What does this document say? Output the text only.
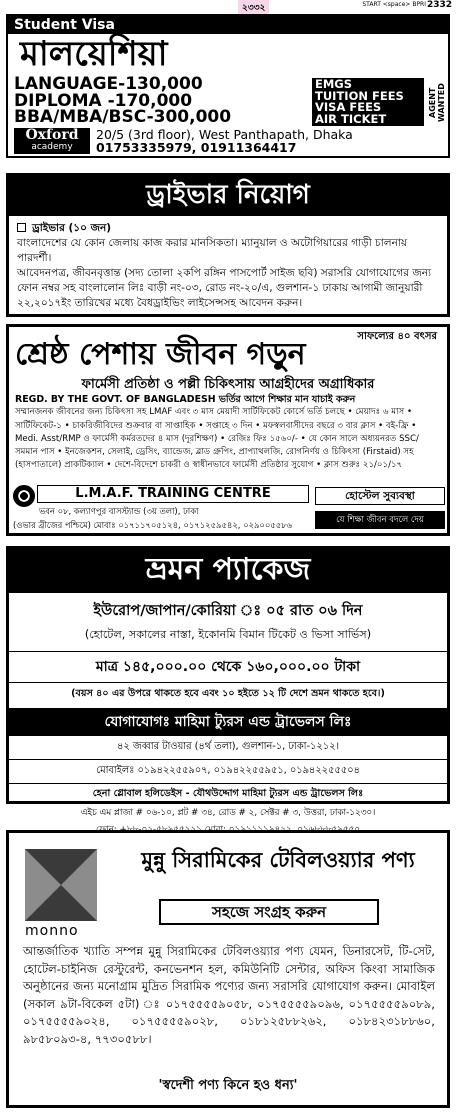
২৩৩২	START <space> BPRI 2332
Student Visa
মালয়েশিয়া
LANGUAGE-130,000
DIPLOMA -170,000
BBA/MBA/BSC-300,000
EMGS
TUITION FEES
VISA FEES
AIR TICKET
AGENT WANTED
Oxford
academy
20/5 (3rd floor), West Panthapath, Dhaka
01753335979, 01911364417
ড্রাইভার নিয়োগ
ড্রাইভার (১০ জন)
বাংলাদেশের যে কোন জেলায় কাজ করার মানসিকতা। ম্যানুয়াল ও অটোগিয়ারের গাড়ী চালনায় পারদর্শী।
আবেদনপত্র, জীবনবৃত্তান্ত (সদ্য তোলা ২কপি রঙ্গিন পাসপোর্ট সাইজ ছবি) সরাসরি যোগাযোগের জন্য ফোন নম্বর সহ বাংলালোন লিঃ বাড়ী নং-০৩, রোড নং-২০/এ, গুলশান-১ ঢাকায় আগামী জানুয়ারী ২২,২০১৭ইং তারিখের মধ্যে বৈধড্রাইভিং লাইসেন্সসহ আবেদন করুন।
সাফল্যের ৪০ বৎসর
শ্রেষ্ঠ পেশায় জীবন গড়ুন
ফার্মেসী প্রতিষ্ঠা ও পল্লী চিকিৎসায় আগ্রহীদের অগ্রাধিকার
REGD. BY THE GOVT. OF BANGLADESH ভর্তির আগে শিক্ষার মান যাচাই করুন
সম্মানজনক জীবনের জন্য চিকিৎসা সহ LMAF এবং ৩ মাস মেয়াদী সার্টিফিকেট কোর্সে ভর্তি চলছে • মেয়াদঃ ৬ মাস • সার্টিফিকেট-১ • চাকরিজীবিদের শুক্রবার বা সাপ্তাহিক • সপ্তাহে ৩ দিন • মফস্বলবাসীদের বছরে ৩ বার ক্লাস • বই-ফ্রি • Medi. Asst/RMP ও ফার্মেসী কর্মরতদের ৪ মাস (দূরশিক্ষণ) • রেজিঃ ফিঃ ১৫৬০/- • যে কোন সালে অধ্যয়নরত SSC/সমমান পাস • ইনজেকশন, সেলাই, ড্রেসিং, ব্যান্ডেজ, ব্লাড গ্রুপিং, প্রাপ্যাথলজি, রোগনির্ণয় ও চিকিৎসা (Firstaid) সহ (হাসপাতালে) প্রাকটিক্যাল • দেশে-বিদেশে চাকরী ও স্বাধীনভাবে ফার্মেসী প্রতিষ্ঠার সুযোগ • ক্লাস শুরুঃ ২১/০১/১৭
L.M.A.F. TRAINING CENTRE
ভবন ০৮, কল্যাণপুর বাসস্ট্যান্ড (৩য় তলা), ঢাকা
(ওভার ব্রীজের পশ্চিমে) মোবাঃ ০১৭১১৭০৫১২৪, ০১৭১২৫৯৫৪২, ০২৯০০৫৫৮৬
হোস্টেল সুব্যবস্থা
যে শিক্ষা জীবন বদলে দেয়
ভ্রমন প্যাকেজ
ইউরোপ/জাপান/কোরিয়া ঃ ০৫ রাত ০৬ দিন
(হোটেল, সকালের নাস্তা, ইকোনমি বিমান টিকেট ও ভিসা সার্ভিস)
মাত্র ১৪৫,০০০.০০ থেকে ১৬০,০০০.০০ টাকা
(বয়স ৪০ এর উপরে থাকতে হবে এবং ১০ হইতে ১২ টি দেশে ভ্রমন থাকতে হবে।)
যোগাযোগঃ মাহিমা ট্যুরস এন্ড ট্রাভেলস লিঃ
৪২ জব্বার টাওয়ার (৪র্থ তলা), গুলশান-১, ঢাকা-১২১২।
মোবাইলঃ ০১৯৪২২৫৫৯০৭, ০১৯৪২২৫৫৯৫১, ০১৯৪২২৫৫৫০৪
হেনা গ্লোবাল হলিডেইস - যৌথউদ্দোগ মাহিমা ট্যুরস এন্ড ট্রাভেলস লিঃ
এইচ এম প্লাজা # ০৬-১০, প্লট # ৩৪, রোড # ২, সেক্টর # ৩, উত্তরা, ঢাকা-১২৩০।
monno
মুন্নু সিরামিকের টেবিলওয়্যার পণ্য
সহজে সংগ্রহ করুন
আন্তর্জাতিক খ্যাতি সম্পন্ন মুন্নু সিরামিকের টেবিলওয়্যার পণ্য যেমন, ডিনারসেট, টি-সেট, হোটেল-চাইনিজ রেস্টুরেন্ট, কনভেনশন হল, কমিউনিটি সেন্টার, অফিস কিংবা সামাজিক অনুষ্ঠানের জন্য মনোগ্রাম মুদ্রিত সিরামিক পণ্যের জন্য সরাসরি যোগাযোগ করুন। মোবাইল (সকাল ৯টা-বিকেল ৫টা) ঃ ০১৭৫৫৫৫৯০৫৮, ০১৭৫৫৫৫৯০৯৬, ০১৭৫৫৫৫৯০৮৯, ০১৭৫৫৫৫৯০২৪, ০১৭৫৫৫৫৯০২৮, ০১৮১২৫৮৮২৬২, ০১৮৪২৩১৮৮৬০, ৯৮৫৮০৯৩-৪, ৭৭৩০৫৮৮।
'স্বদেশী পণ্য কিনে হও ধন্য'
